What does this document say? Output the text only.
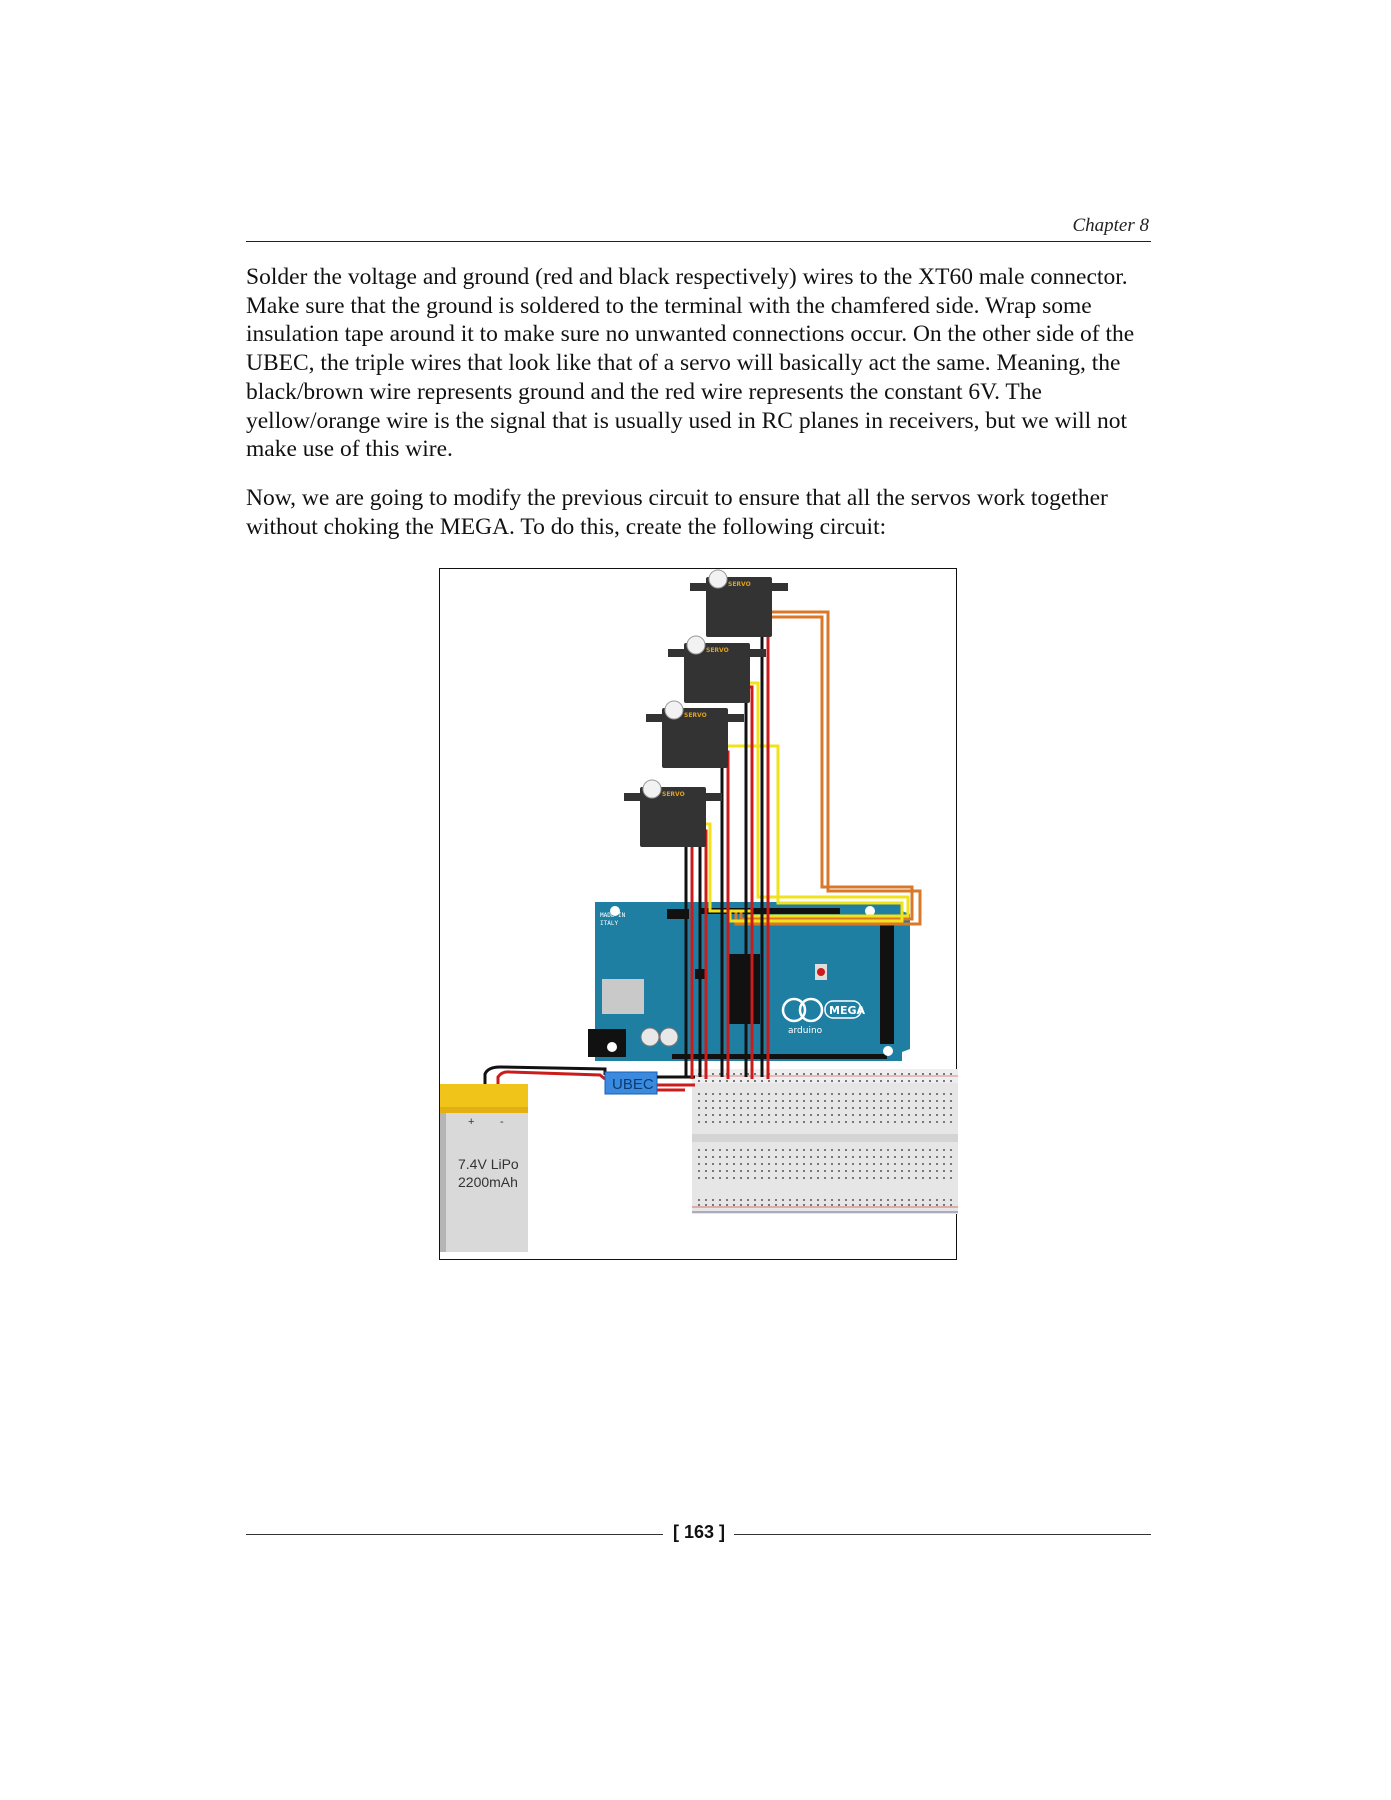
Chapter 8

Solder the voltage and ground (red and black respectively) wires to the XT60 male connector. Make sure that the ground is soldered to the terminal with the chamfered side. Wrap some insulation tape around it to make sure no unwanted connections occur. On the other side of the UBEC, the triple wires that look like that of a servo will basically act the same. Meaning, the black/brown wire represents ground and the red wire represents the constant 6V. The yellow/orange wire is the signal that is usually used in RC planes in receivers, but we will not make use of this wire.

Now, we are going to modify the previous circuit to ensure that all the servos work together without choking the MEGA. To do this, create the following circuit:

MADE IN
ITALY
arduino
MEGA
+ -
7.4V LiPo
2200mAh
UBEC
SERVO
SERVO
SERVO
SERVO
[ 163 ]
